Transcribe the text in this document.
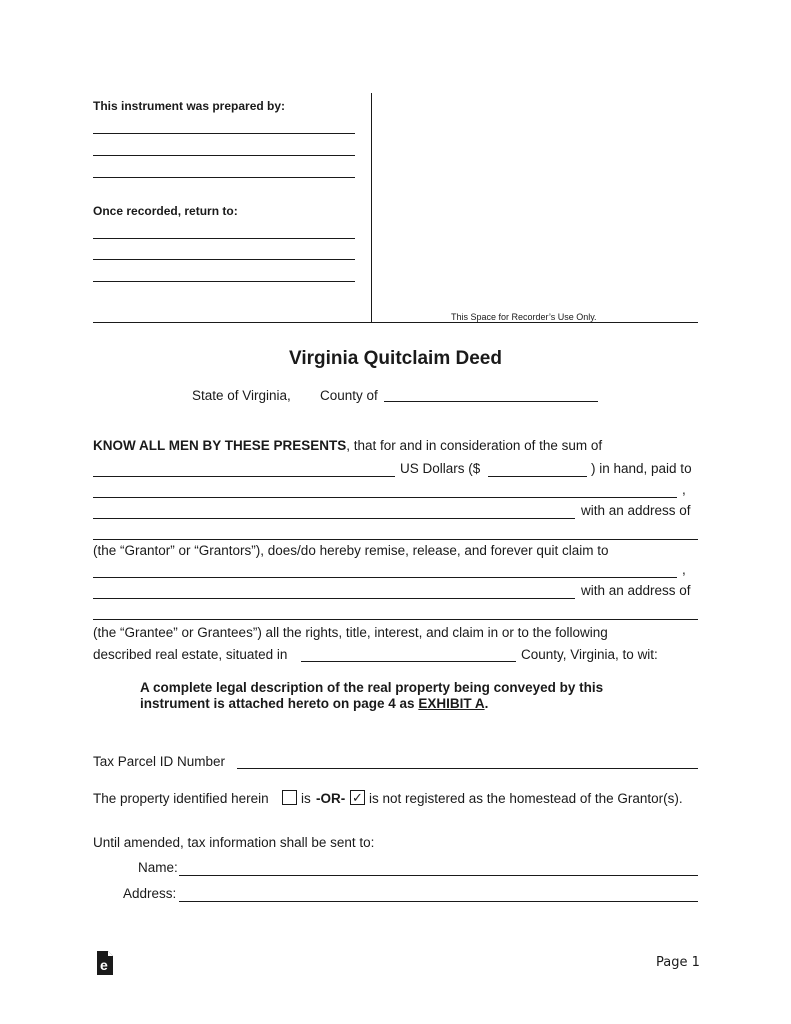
This instrument was prepared by:
Once recorded, return to:
This Space for Recorder’s Use Only.
Virginia Quitclaim Deed
State of Virginia, County of
KNOW ALL MEN BY THESE PRESENTS, that for and in consideration of the sum of
US Dollars ($	) in hand, paid to
,
with an address of
(the “Grantor” or “Grantors”), does/do hereby remise, release, and forever quit claim to
,
with an address of
(the “Grantee” or Grantees”) all the rights, title, interest, and claim in or to the following
described real estate, situated in	County, Virginia, to wit:
A complete legal description of the real property being conveyed by this
instrument is attached hereto on page 4 as EXHIBIT A.
Tax Parcel ID Number
The property identified herein is -OR- ✓ is not registered as the homestead of the Grantor(s).
Until amended, tax information shall be sent to:
Name:
Address:
e	Page 1
